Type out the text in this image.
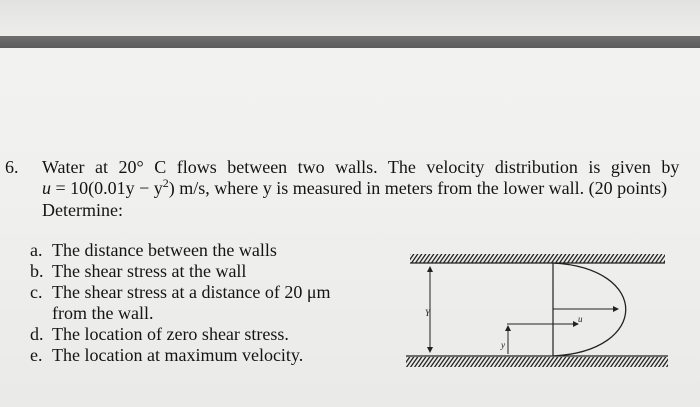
6. Water at 20° C flows between two walls. The velocity distribution is given by
$u = 10(0.01y - y^2)$ m/s, where y is measured in meters from the lower wall. (20 points)
Determine:
a. The distance between the walls
b. The shear stress at the wall
c. The shear stress at a distance of 20 μm
from the wall.
d. The location of zero shear stress.
e. The location at maximum velocity.
Y
u
y
